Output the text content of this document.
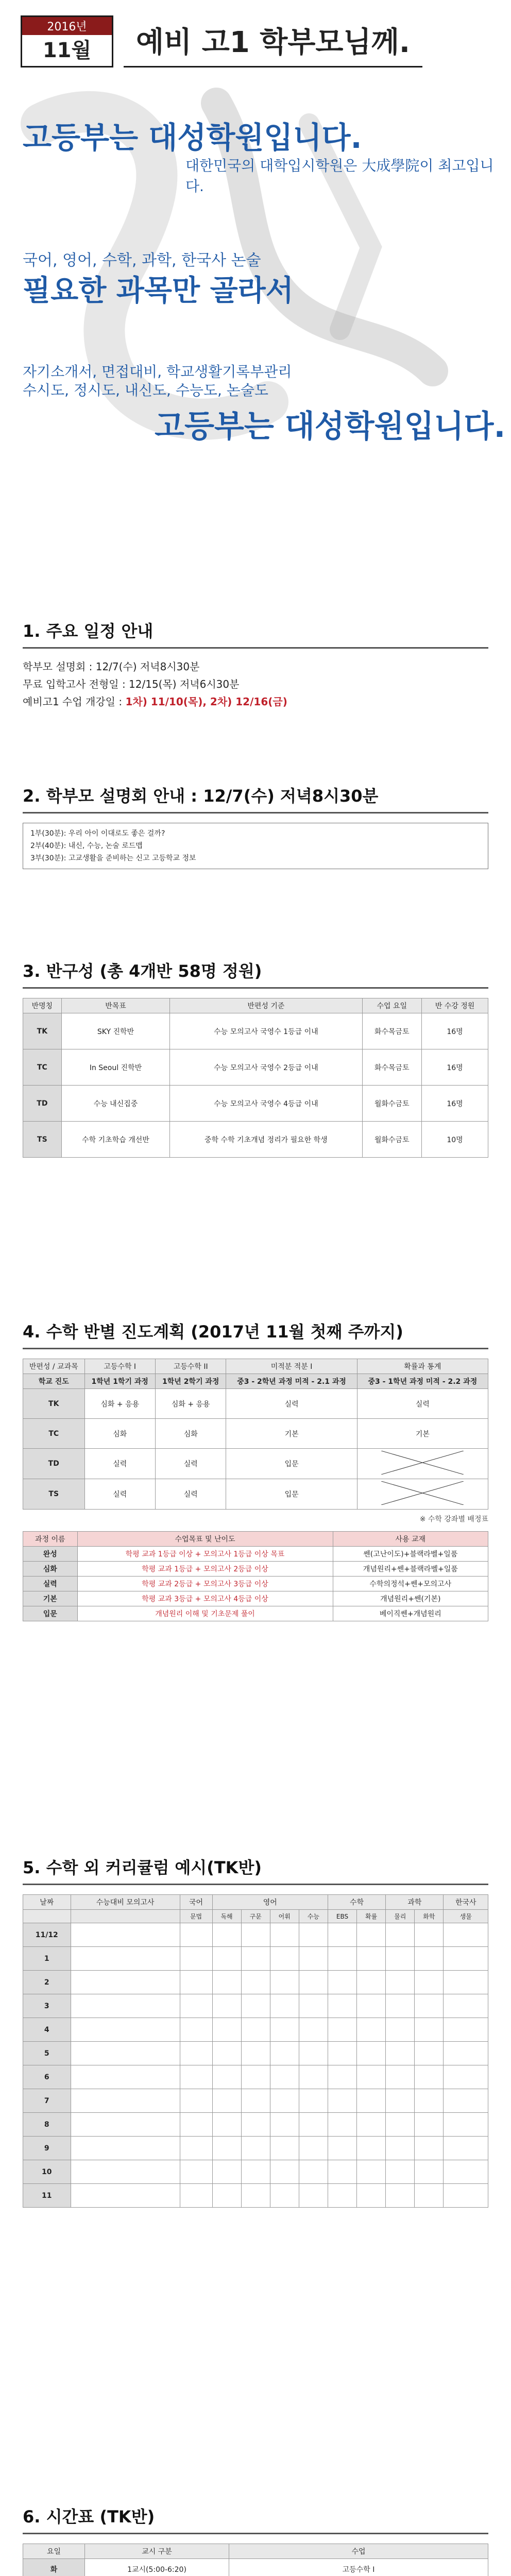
2016년
11월	예비 고1 학부모님께.
고등부는 대성학원입니다.
대한민국의 대학입시학원은 大成學院이 최고입니다.
국어, 영어, 수학, 과학, 한국사 논술
필요한 과목만 골라서
자기소개서, 면접대비, 학교생활기록부관리
수시도, 정시도, 내신도, 수능도, 논술도
고등부는 대성학원입니다.
1. 주요 일정 안내
학부모 설명회 : 12/7(수) 저녁8시30분
무료 입학고사 전형일 : 12/15(목) 저녁6시30분
예비고1 수업 개강일 : 1차) 11/10(목), 2차) 12/16(금)
2. 학부모 설명회 안내 : 12/7(수) 저녁8시30분
1부(30분): 우리 아이 이대로도 좋은 걸까?
2부(40분): 내신, 수능, 논술 로드맵
3부(30분): 고교생활을 준비하는 신고 고등학교 정보
3. 반구성 (총 4개반 58명 정원)
반명칭	반목표	반편성 기준	수업 요일	반 수강 정원
TK	SKY 진학반	수능 모의고사 국영수 1등급 이내	화수목금토	16명
TC	In Seoul 진학반	수능 모의고사 국영수 2등급 이내	화수목금토	16명
TD	수능 내신집중	수능 모의고사 국영수 4등급 이내	월화수금토	16명
TS	수학 기초학습 개선반	중학 수학 기초개념 정리가 필요한 학생	월화수금토	10명
4. 수학 반별 진도계획 (2017년 11월 첫째 주까지)
반편성 / 교과목	고등수학 I	고등수학 II	미적분 적분 I	확률과 통계
학교 진도	1학년 1학기 과정	1학년 2학기 과정	중3 - 2학년 과정 미적 - 2.1 과정	중3 - 1학년 과정 미적 - 2.2 과정
TK	심화 + 응용	심화 + 응용	실력	실력
TC	심화	심화	기본	기본
TD	실력	실력	입문	
TS	실력	실력	입문	
※ 수학 강좌별 배정표
과정 이름	수업목표 및 난이도	사용 교재
완성	학평 교과 1등급 이상 + 모의고사 1등급 이상 목표	쎈(고난이도)+블랙라벨+일품
심화	학평 교과 1등급 + 모의고사 2등급 이상	개념원리+쎈+블랙라벨+일품
실력	학평 교과 2등급 + 모의고사 3등급 이상	수학의정석+쎈+모의고사
기본	학평 교과 3등급 + 모의고사 4등급 이상	개념원리+쎈(기본)
입문	개념원리 이해 및 기초문제 풀이	베이직쎈+개념원리
5. 수학 외 커리큘럼 예시(TK반)
날짜	수능대비 모의고사	국어	영어				수학		과학		한국사
		문법	독해	구문	어휘	수능	EBS	확률	물리	화학	생물
11/12											
1											
2											
3											
4											
5											
6											
7											
8											
9											
10											
11											
6. 시간표 (TK반)
요일	교시 구분	수업
화	1교시(5:00-6:20)	고등수학 I
